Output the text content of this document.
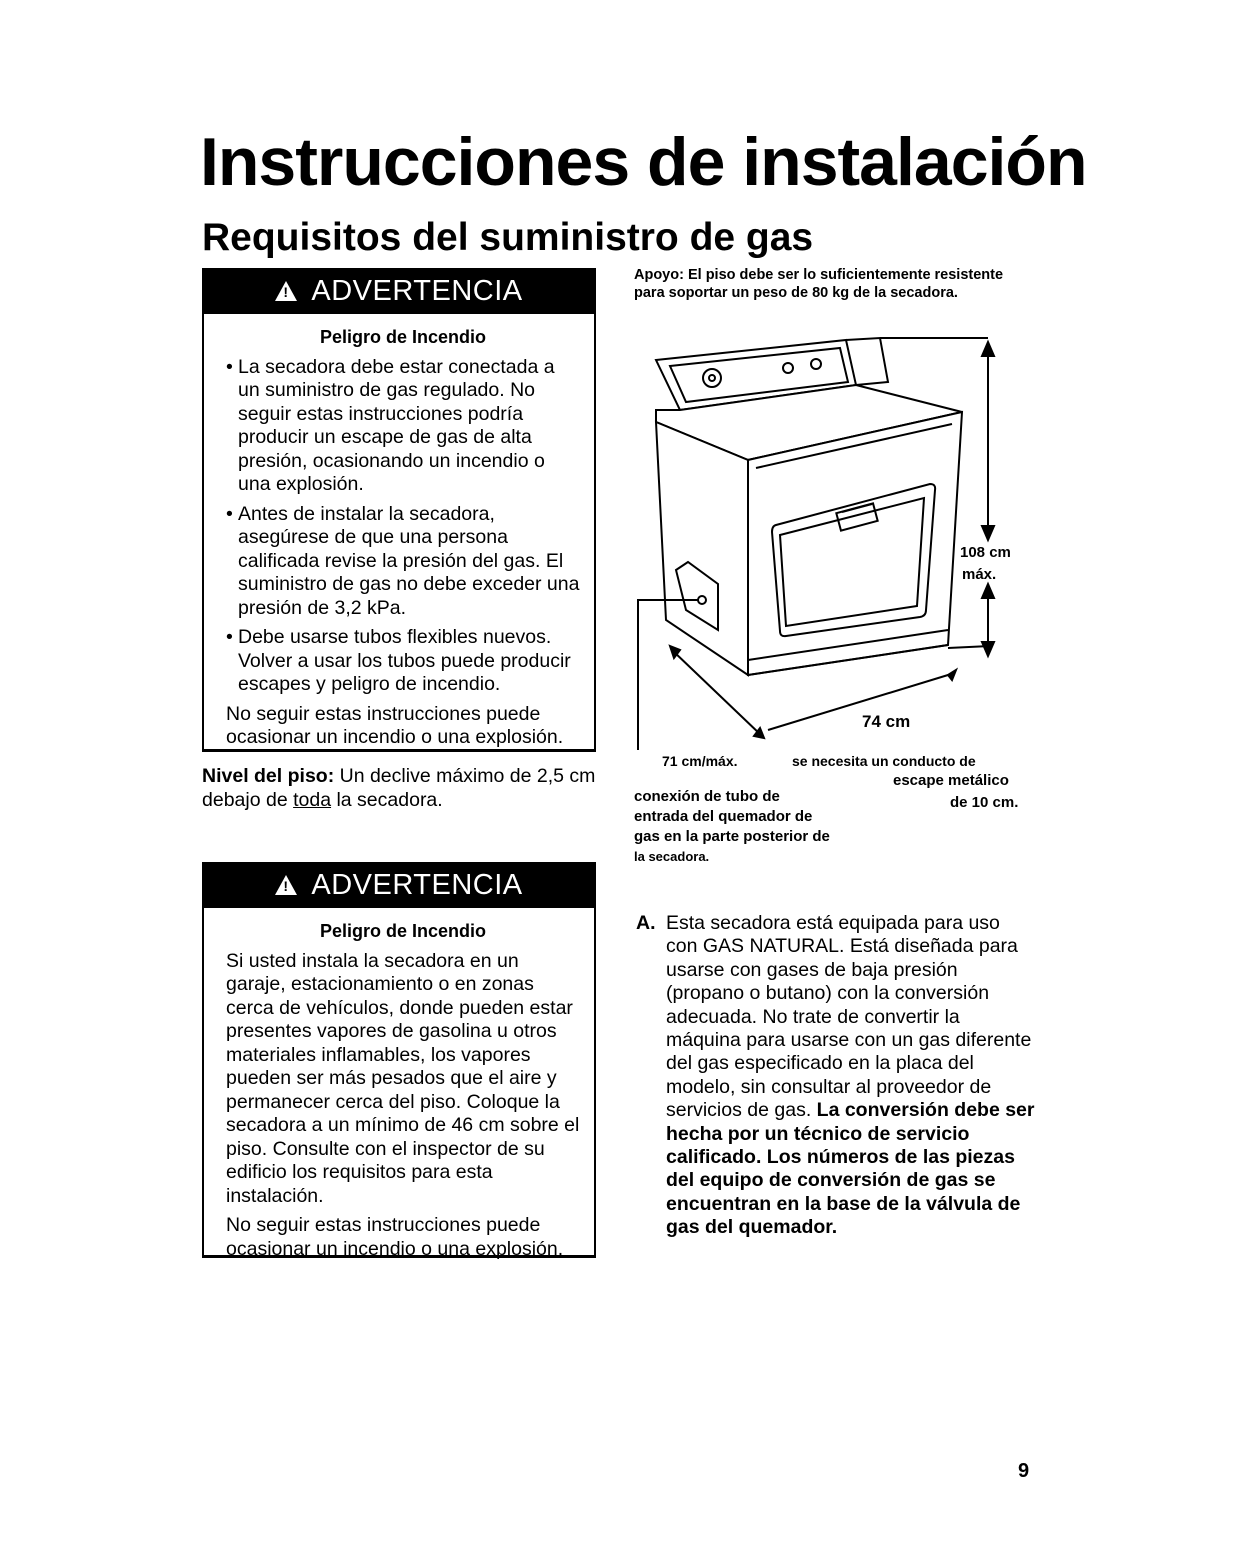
Instrucciones de instalación
Requisitos del suministro de gas
!
ADVERTENCIA
Peligro de Incendio
• La secadora debe estar conectada a un suministro de gas regulado. No seguir estas instrucciones podría producir un escape de gas de alta presión, ocasionando un incendio o una explosión.
• Antes de instalar la secadora, asegúrese de que una persona calificada revise la presión del gas. El suministro de gas no debe exceder una presión de 3,2 kPa.
• Debe usarse tubos flexibles nuevos. Volver a usar los tubos puede producir escapes y peligro de incendio.

No seguir estas instrucciones puede ocasionar un incendio o una explosión.

Nivel del piso: Un declive máximo de 2,5 cm debajo de toda la secadora.
!
ADVERTENCIA
Peligro de Incendio

Si usted instala la secadora en un garaje, estacionamiento o en zonas cerca de vehículos, donde pueden estar presentes vapores de gasolina u otros materiales inflamables, los vapores pueden ser más pesados que el aire y permanecer cerca del piso. Coloque la secadora a un mínimo de 46 cm sobre el piso. Consulte con el inspector de su edificio los requisitos para esta instalación.

No seguir estas instrucciones puede ocasionar un incendio o una explosión.

Apoyo: El piso debe ser lo suficientemente resistente para soportar un peso de 80 kg de la secadora.
108 cm
máx.
74 cm
71 cm/máx.	se necesita un conducto de
escape metálico
de 10 cm.
conexión de tubo de
entrada del quemador de
gas en la parte posterior de
la secadora.
A. Esta secadora está equipada para uso con GAS NATURAL. Está diseñada para usarse con gases de baja presión (propano o butano) con la conversión adecuada. No trate de convertir la máquina para usarse con un gas diferente del gas especificado en la placa del modelo, sin consultar al proveedor de servicios de gas. La conversión debe ser hecha por un técnico de servicio calificado. Los números de las piezas del equipo de conversión de gas se encuentran en la base de la válvula de gas del quemador.
9
